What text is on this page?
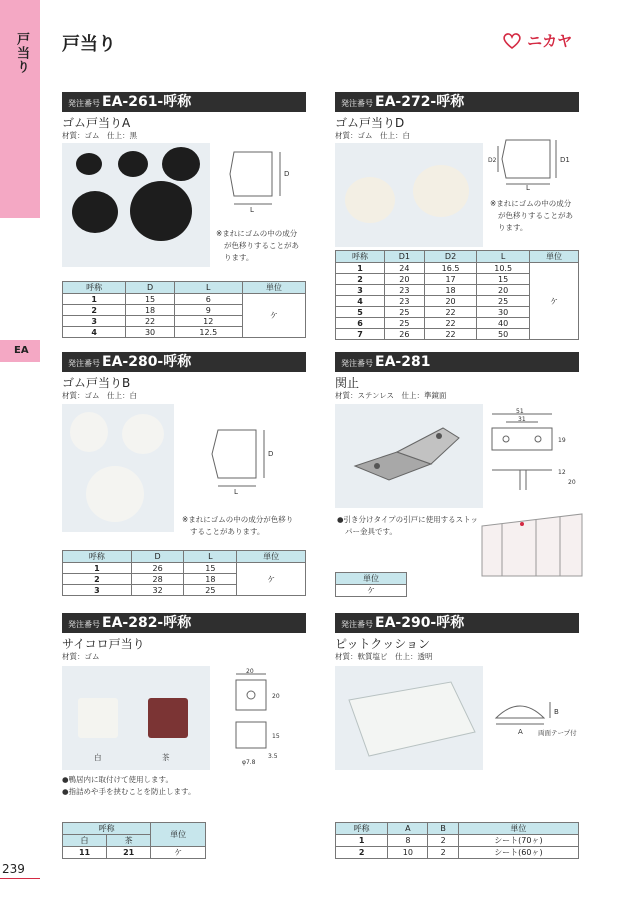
戸当り
EA
戸当り	ニカヤ
発注番号 EA-261-呼称
ゴム戸当りA
材質：ゴム　仕上：黒
D
L
※まれにゴムの中の成分
が色移りすることがあ
ります。
呼称	D	L	単位
1	15	6	ケ
2	18	9	
3	22	12	
4	30	12.5	
発注番号 EA-272-呼称
ゴム戸当りD
材質：ゴム　仕上：白
D1
D2
L
※まれにゴムの中の成分
が色移りすることがあ
ります。
呼称	D1	D2	L	単位
1	24	16.5	10.5	ケ
2	20	17	15	
3	23	18	20	
4	23	20	25	
5	25	22	30	
6	25	22	40	
7	26	22	50	
発注番号 EA-280-呼称
ゴム戸当りB
材質：ゴム　仕上：白
D
L
※まれにゴムの中の成分が色移り
することがあります。
呼称	D	L	単位
1	26	15	ケ
2	28	18	
3	32	25	
発注番号 EA-281
関止
材質：ステンレス　仕上：準鏡面
51
31
19
12
20
●引き分けタイプの引戸に使用するストッ
パー金具です。
単位
ケ
発注番号 EA-282-呼称
サイコロ戸当り
材質：ゴム
白	茶
20
20
15
φ7.8
3.5
●鴨居内に取付けて使用します。
●指詰めや手を挟むことを防止します。
呼称		単位
白	茶	
11	21	ケ
発注番号 EA-290-呼称
ピットクッション
材質：軟質塩ビ　仕上：透明
A
B
両面テープ付
呼称	A	B	単位
1	8	2	シート(70ヶ)
2	10	2	シート(60ヶ)
239
